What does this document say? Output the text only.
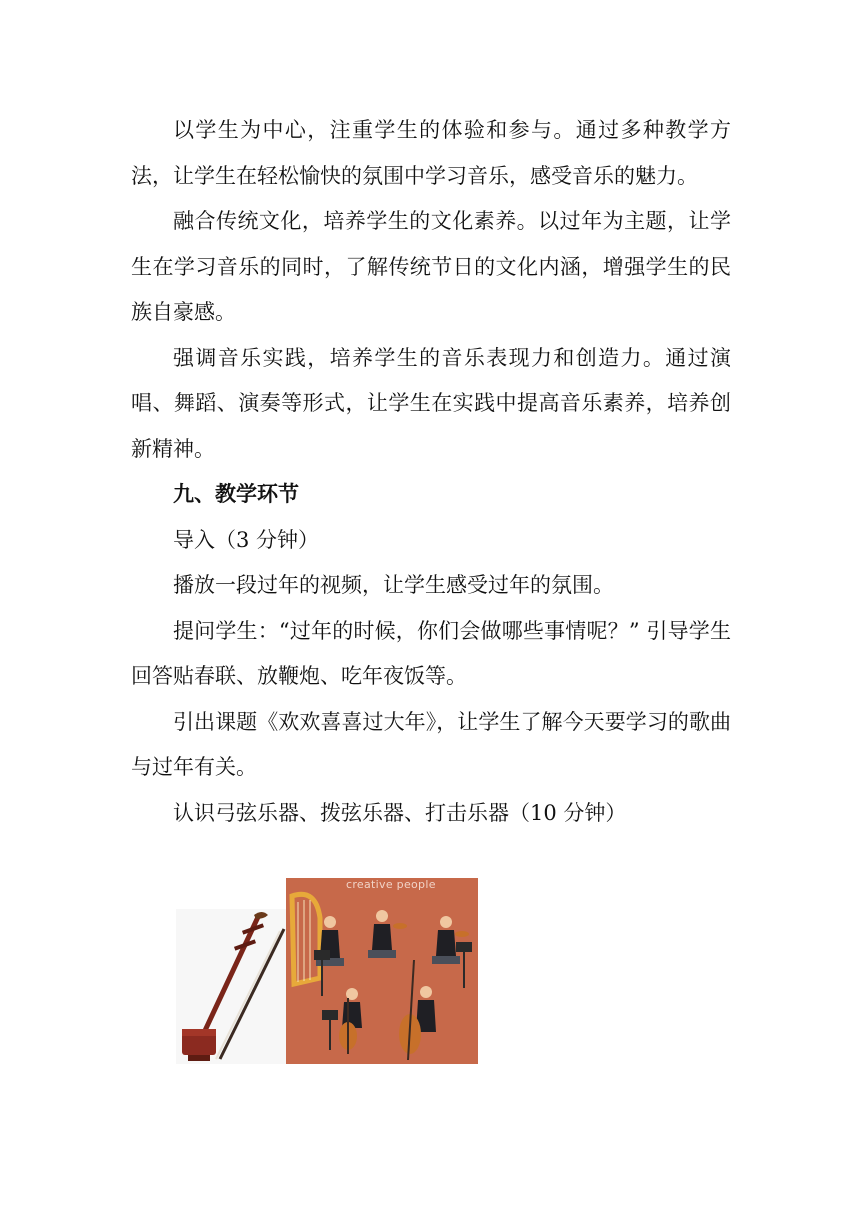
以学生为中心，注重学生的体验和参与。通过多种教学方法，让学生在轻松愉快的氛围中学习音乐，感受音乐的魅力。

融合传统文化，培养学生的文化素养。以过年为主题，让学生在学习音乐的同时，了解传统节日的文化内涵，增强学生的民族自豪感。

强调音乐实践，培养学生的音乐表现力和创造力。通过演唱、舞蹈、演奏等形式，让学生在实践中提高音乐素养，培养创新精神。

九、教学环节

导入（3 分钟）

播放一段过年的视频，让学生感受过年的氛围。

提问学生：“过年的时候，你们会做哪些事情呢？” 引导学生回答贴春联、放鞭炮、吃年夜饭等。

引出课题《欢欢喜喜过大年》，让学生了解今天要学习的歌曲与过年有关。

认识弓弦乐器、拨弦乐器、打击乐器（10 分钟）

creative people
